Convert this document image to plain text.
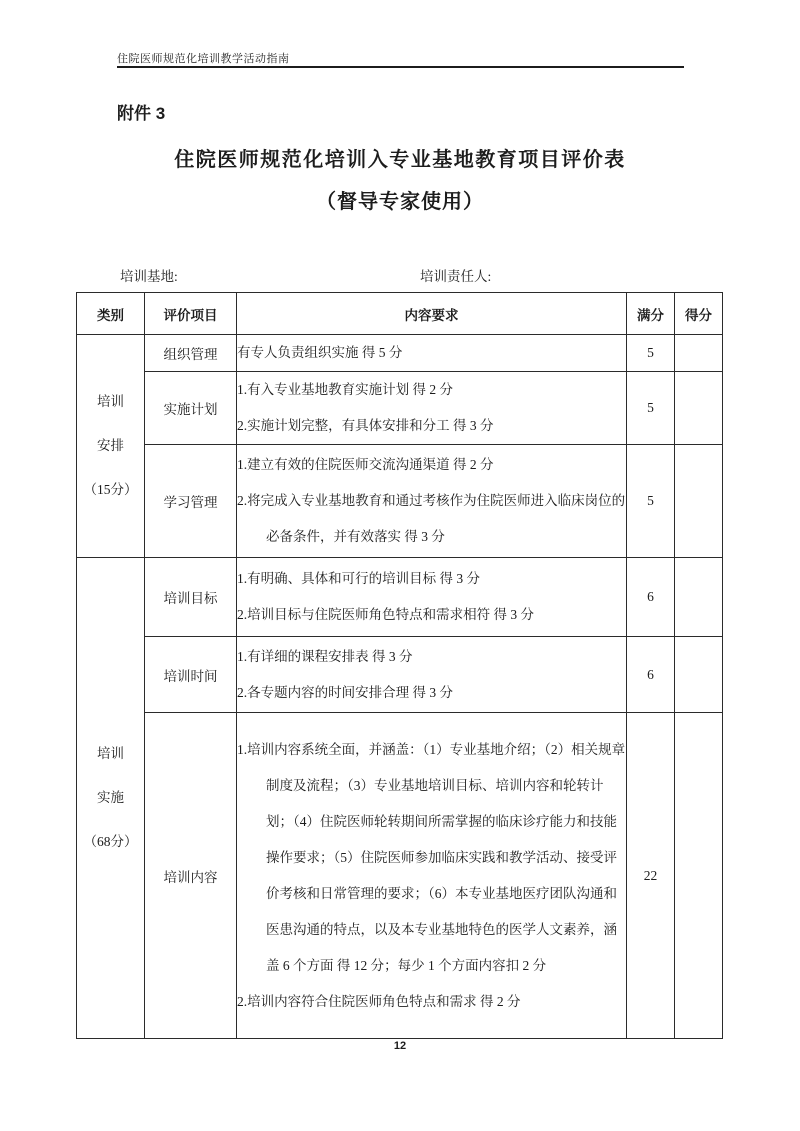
住院医师规范化培训教学活动指南
附件 3
住院医师规范化培训入专业基地教育项目评价表
（督导专家使用）
培训基地:	培训责任人:
类别	评价项目	内容要求	满分	得分

培训
安排
（15分）	组织管理	有专人负责组织实施 得 5 分	5	
	实施计划	1.有入专业基地教育实施计划 得 2 分
2.实施计划完整，有具体安排和分工 得 3 分	5	
	学习管理	1.建立有效的住院医师交流沟通渠道 得 2 分
2.将完成入专业基地教育和通过考核作为住院医师进入临床岗位的必备条件，并有效落实 得 3 分	5	

培训
实施
（68分）
	培训目标	
1.有明确、具体和可行的培训目标 得 3 分
2.培训目标与住院医师角色特点和需求相符 得 3 分
	6	
	培训时间	1.有详细的课程安排表 得 3 分
2.各专题内容的时间安排合理 得 3 分	6	
	培训内容	1.培训内容系统全面，并涵盖：（1）专业基地介绍；（2）相关规章制度及流程；（3）专业基地培训目标、培训内容和轮转计划；（4）住院医师轮转期间所需掌握的临床诊疗能力和技能操作要求；（5）住院医师参加临床实践和教学活动、接受评价考核和日常管理的要求；（6）本专业基地医疗团队沟通和医患沟通的特点，以及本专业基地特色的医学人文素养，涵盖 6 个方面 得 12 分；每少 1 个方面内容扣 2 分
2.培训内容符合住院医师角色特点和需求 得 2 分	22	
12
